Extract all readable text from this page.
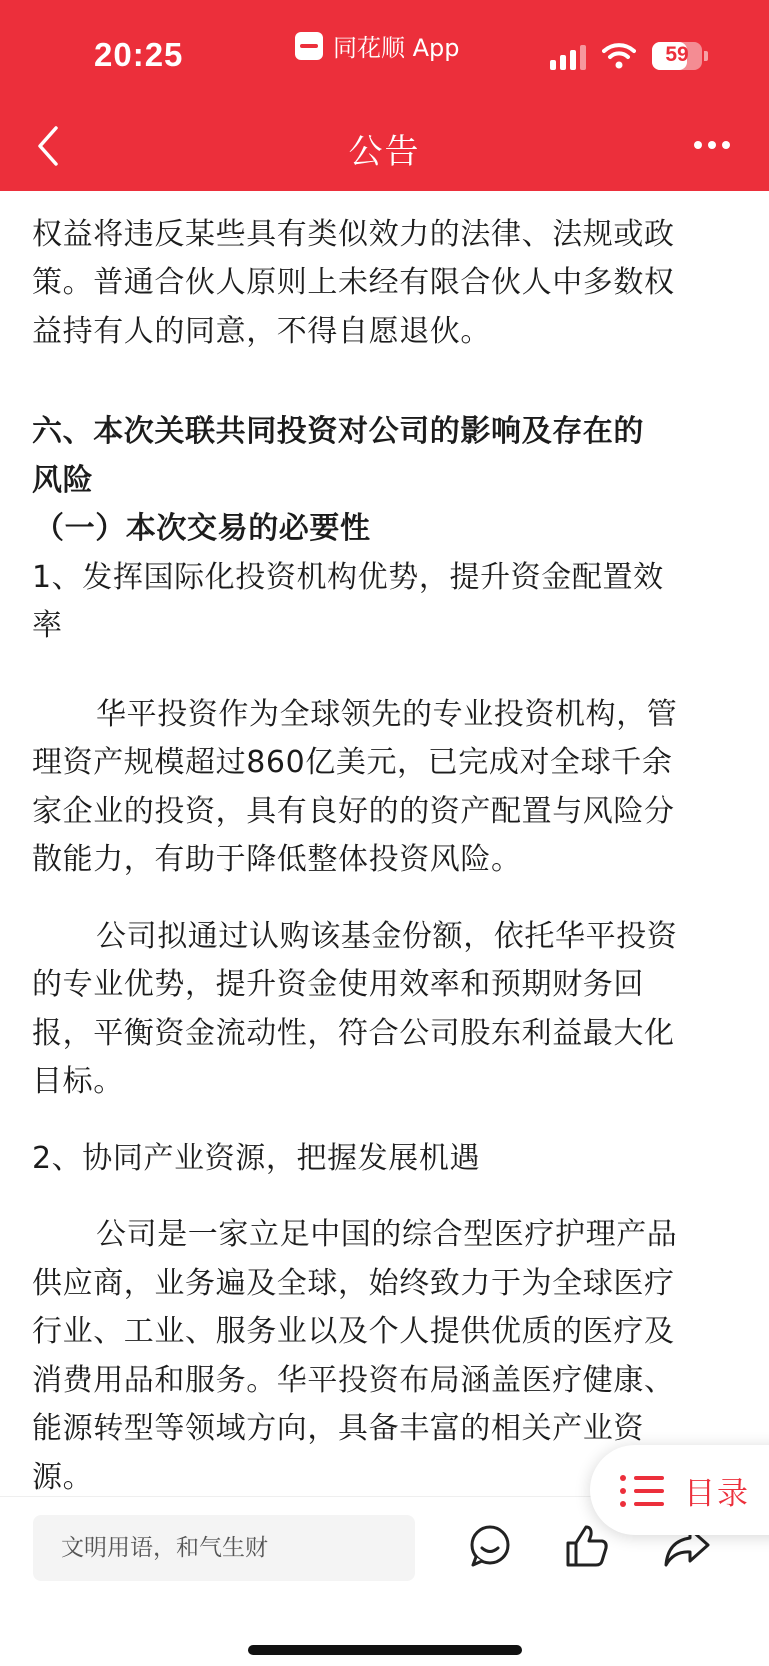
20:25	同花顺 App	59
公告

权益将违反某些具有类似效力的法律、法规或政

策。普通合伙人原则上未经有限合伙人中多数权

益持有人的同意，不得自愿退伙。

六、本次关联共同投资对公司的影响及存在的

风险

（一）本次交易的必要性

1、发挥国际化投资机构优势，提升资金配置效

率

华平投资作为全球领先的专业投资机构，管

理资产规模超过860亿美元，已完成对全球千余

家企业的投资，具有良好的的资产配置与风险分

散能力，有助于降低整体投资风险。

公司拟通过认购该基金份额，依托华平投资

的专业优势，提升资金使用效率和预期财务回

报，平衡资金流动性，符合公司股东利益最大化

目标。

2、协同产业资源，把握发展机遇

公司是一家立足中国的综合型医疗护理产品

供应商，业务遍及全球，始终致力于为全球医疗

行业、工业、服务业以及个人提供优质的医疗及

消费用品和服务。华平投资布局涵盖医疗健康、

能源转型等领域方向，具备丰富的相关产业资

源。	目录
文明用语，和气生财
